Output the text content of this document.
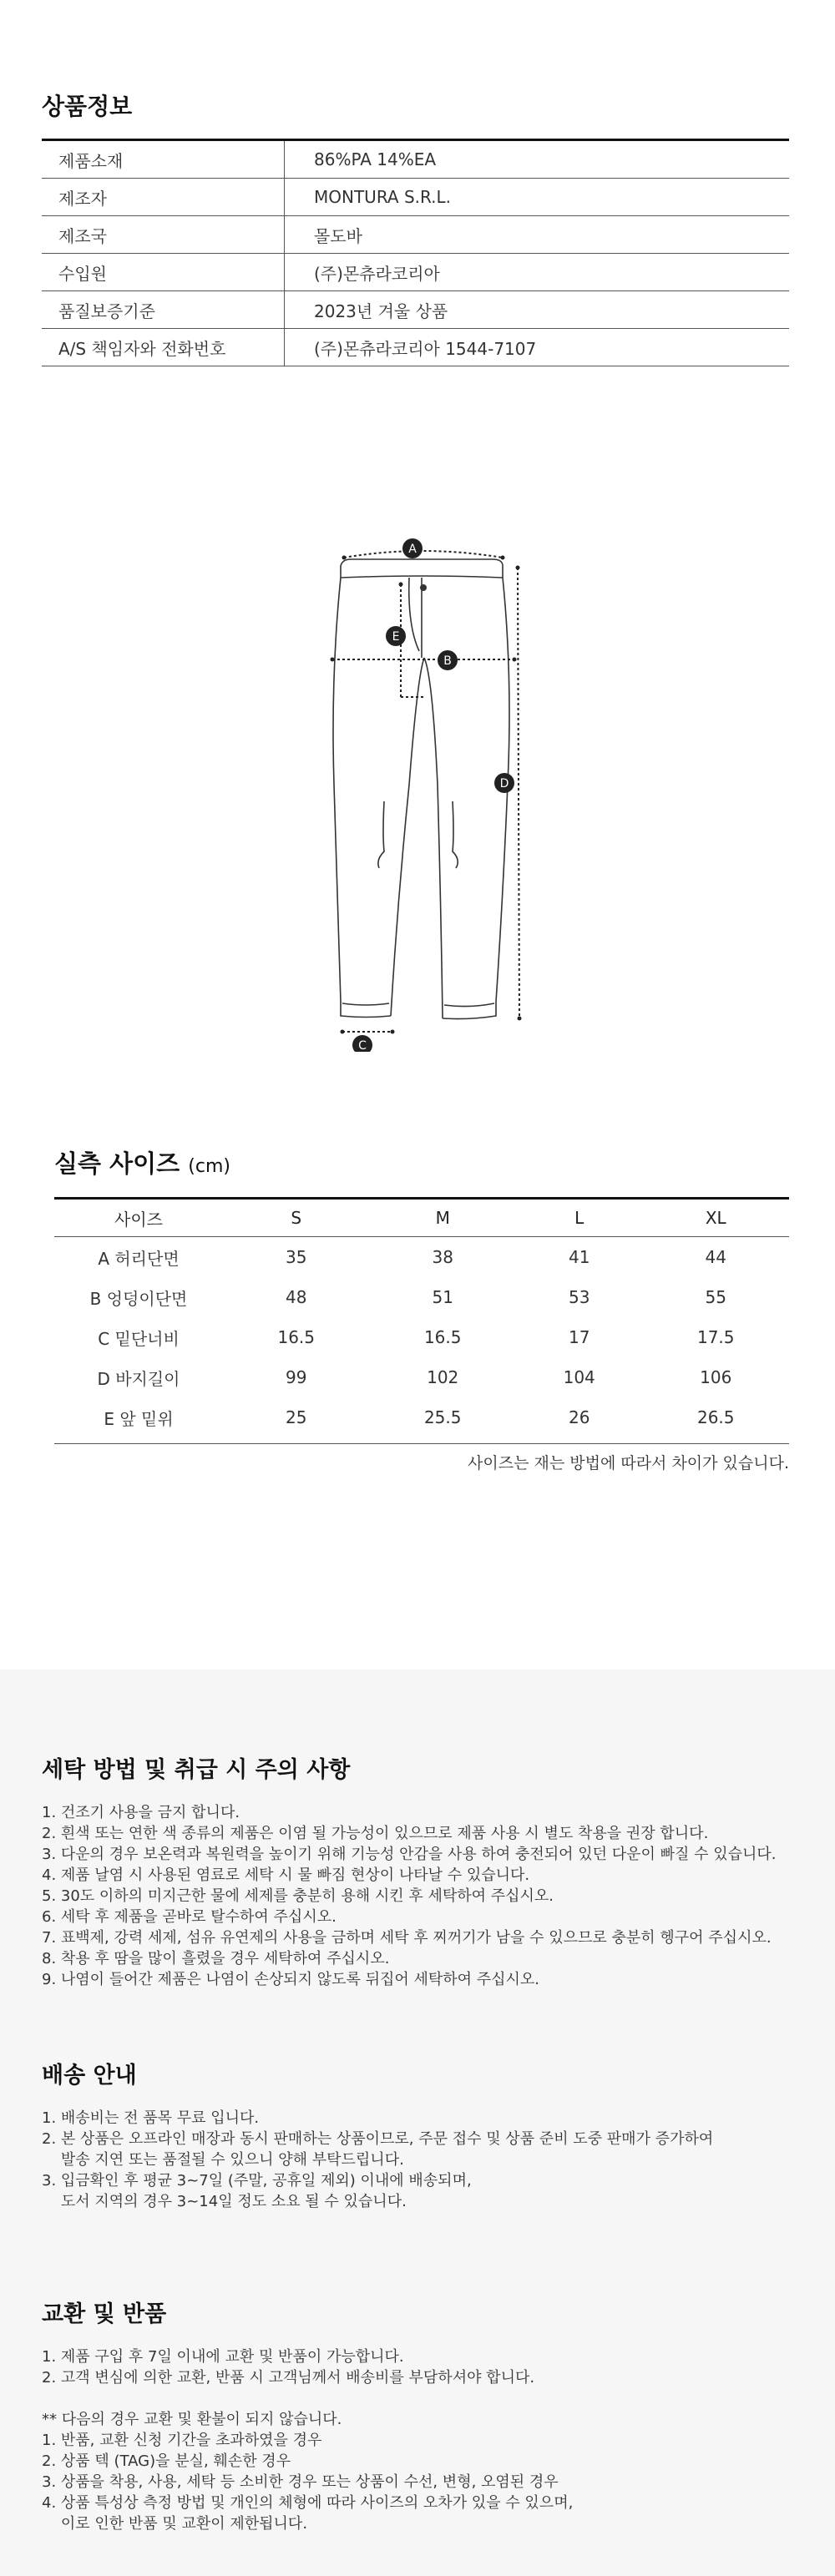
상품정보
제품소재	86%PA 14%EA
제조자	MONTURA S.R.L.
제조국	몰도바
수입원	(주)몬츄라코리아
품질보증기준	2023년 겨울 상품
A/S 책임자와 전화번호	(주)몬츄라코리아 1544-7107
A
B
C
D
E
실측 사이즈 (cm)
사이즈	S	M	L	XL
A 허리단면	35	38	41	44
B 엉덩이단면	48	51	53	55
C 밑단너비	16.5	16.5	17	17.5
D 바지길이	99	102	104	106
E 앞 밑위	25	25.5	26	26.5
사이즈는 재는 방법에 따라서 차이가 있습니다.
세탁 방법 및 취급 시 주의 사항

1. 건조기 사용을 금지 합니다.

2. 흰색 또는 연한 색 종류의 제품은 이염 될 가능성이 있으므로 제품 사용 시 별도 착용을 권장 합니다.

3. 다운의 경우 보온력과 복원력을 높이기 위해 기능성 안감을 사용 하여 충전되어 있던 다운이 빠질 수 있습니다.

4. 제품 날염 시 사용된 염료로 세탁 시 물 빠짐 현상이 나타날 수 있습니다.

5. 30도 이하의 미지근한 물에 세제를 충분히 용해 시킨 후 세탁하여 주십시오.

6. 세탁 후 제품을 곧바로 탈수하여 주십시오.

7. 표백제, 강력 세제, 섬유 유연제의 사용을 금하며 세탁 후 찌꺼기가 남을 수 있으므로 충분히 헹구어 주십시오.

8. 착용 후 땀을 많이 흘렸을 경우 세탁하여 주십시오.

9. 나염이 들어간 제품은 나염이 손상되지 않도록 뒤집어 세탁하여 주십시오.

배송 안내

1. 배송비는 전 품목 무료 입니다.

2. 본 상품은 오프라인 매장과 동시 판매하는 상품이므로, 주문 접수 및 상품 준비 도중 판매가 증가하여

발송 지연 또는 품절될 수 있으니 양해 부탁드립니다.

3. 입금확인 후 평균 3~7일 (주말, 공휴일 제외) 이내에 배송되며,

도서 지역의 경우 3~14일 정도 소요 될 수 있습니다.

교환 및 반품

1. 제품 구입 후 7일 이내에 교환 및 반품이 가능합니다.

2. 고객 변심에 의한 교환, 반품 시 고객님께서 배송비를 부담하셔야 합니다.

** 다음의 경우 교환 및 환불이 되지 않습니다.

1. 반품, 교환 신청 기간을 초과하였을 경우

2. 상품 텍 (TAG)을 분실, 훼손한 경우

3. 상품을 착용, 사용, 세탁 등 소비한 경우 또는 상품이 수선, 변형, 오염된 경우

4. 상품 특성상 측정 방법 및 개인의 체형에 따라 사이즈의 오차가 있을 수 있으며,

이로 인한 반품 및 교환이 제한됩니다.
